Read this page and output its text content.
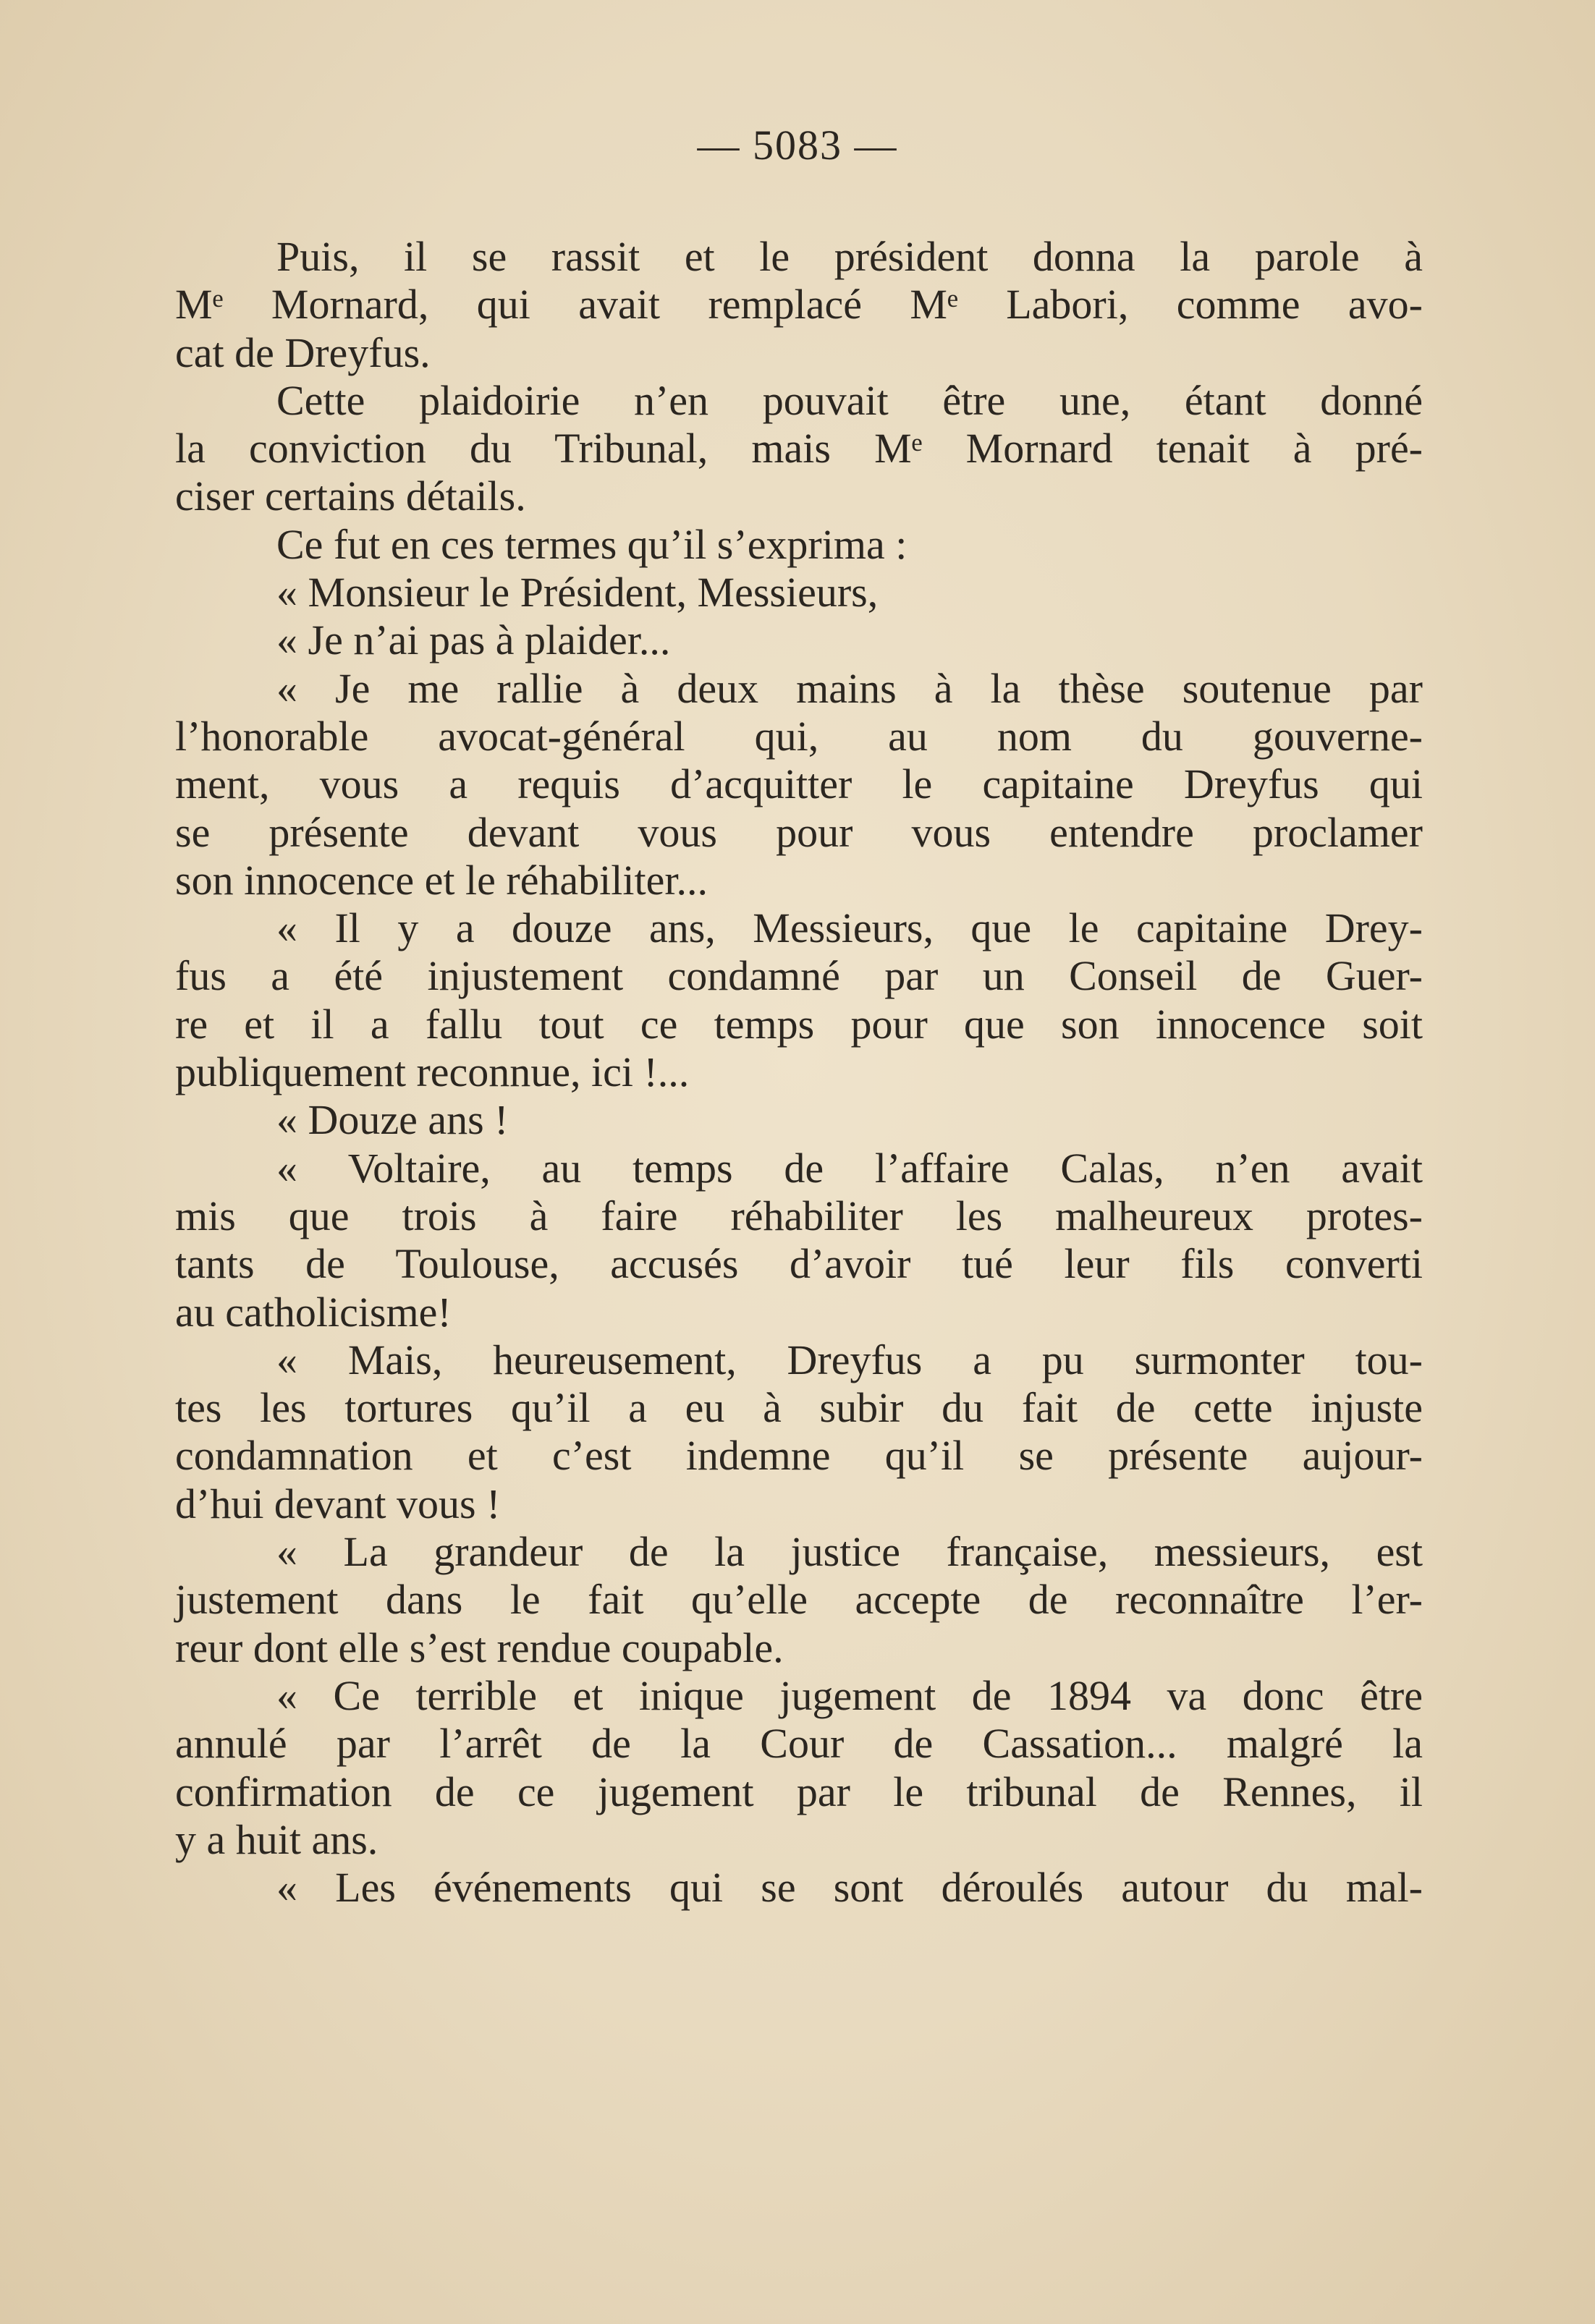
— 5083 —
Puis, il se rassit et le président donna la parole à
Mᵉ Mornard, qui avait remplacé Mᵉ Labori, comme avo-
cat de Dreyfus.
Cette plaidoirie n’en pouvait être une, étant donné
la conviction du Tribunal, mais Mᵉ Mornard tenait à pré-
ciser certains détails.
Ce fut en ces termes qu’il s’exprima :
« Monsieur le Président, Messieurs,
« Je n’ai pas à plaider...
« Je me rallie à deux mains à la thèse soutenue par
l’honorable avocat-général qui, au nom du gouverne-
ment, vous a requis d’acquitter le capitaine Dreyfus qui
se présente devant vous pour vous entendre proclamer
son innocence et le réhabiliter...
« Il y a douze ans, Messieurs, que le capitaine Drey-
fus a été injustement condamné par un Conseil de Guer-
re et il a fallu tout ce temps pour que son innocence soit
publiquement reconnue, ici !...
« Douze ans !
« Voltaire, au temps de l’affaire Calas, n’en avait
mis que trois à faire réhabiliter les malheureux protes-
tants de Toulouse, accusés d’avoir tué leur fils converti
au catholicisme!
« Mais, heureusement, Dreyfus a pu surmonter tou-
tes les tortures qu’il a eu à subir du fait de cette injuste
condamnation et c’est indemne qu’il se présente aujour-
d’hui devant vous !
« La grandeur de la justice française, messieurs, est
justement dans le fait qu’elle accepte de reconnaître l’er-
reur dont elle s’est rendue coupable.
« Ce terrible et inique jugement de 1894 va donc être
annulé par l’arrêt de la Cour de Cassation... malgré la
confirmation de ce jugement par le tribunal de Rennes, il
y a huit ans.
« Les événements qui se sont déroulés autour du mal-
